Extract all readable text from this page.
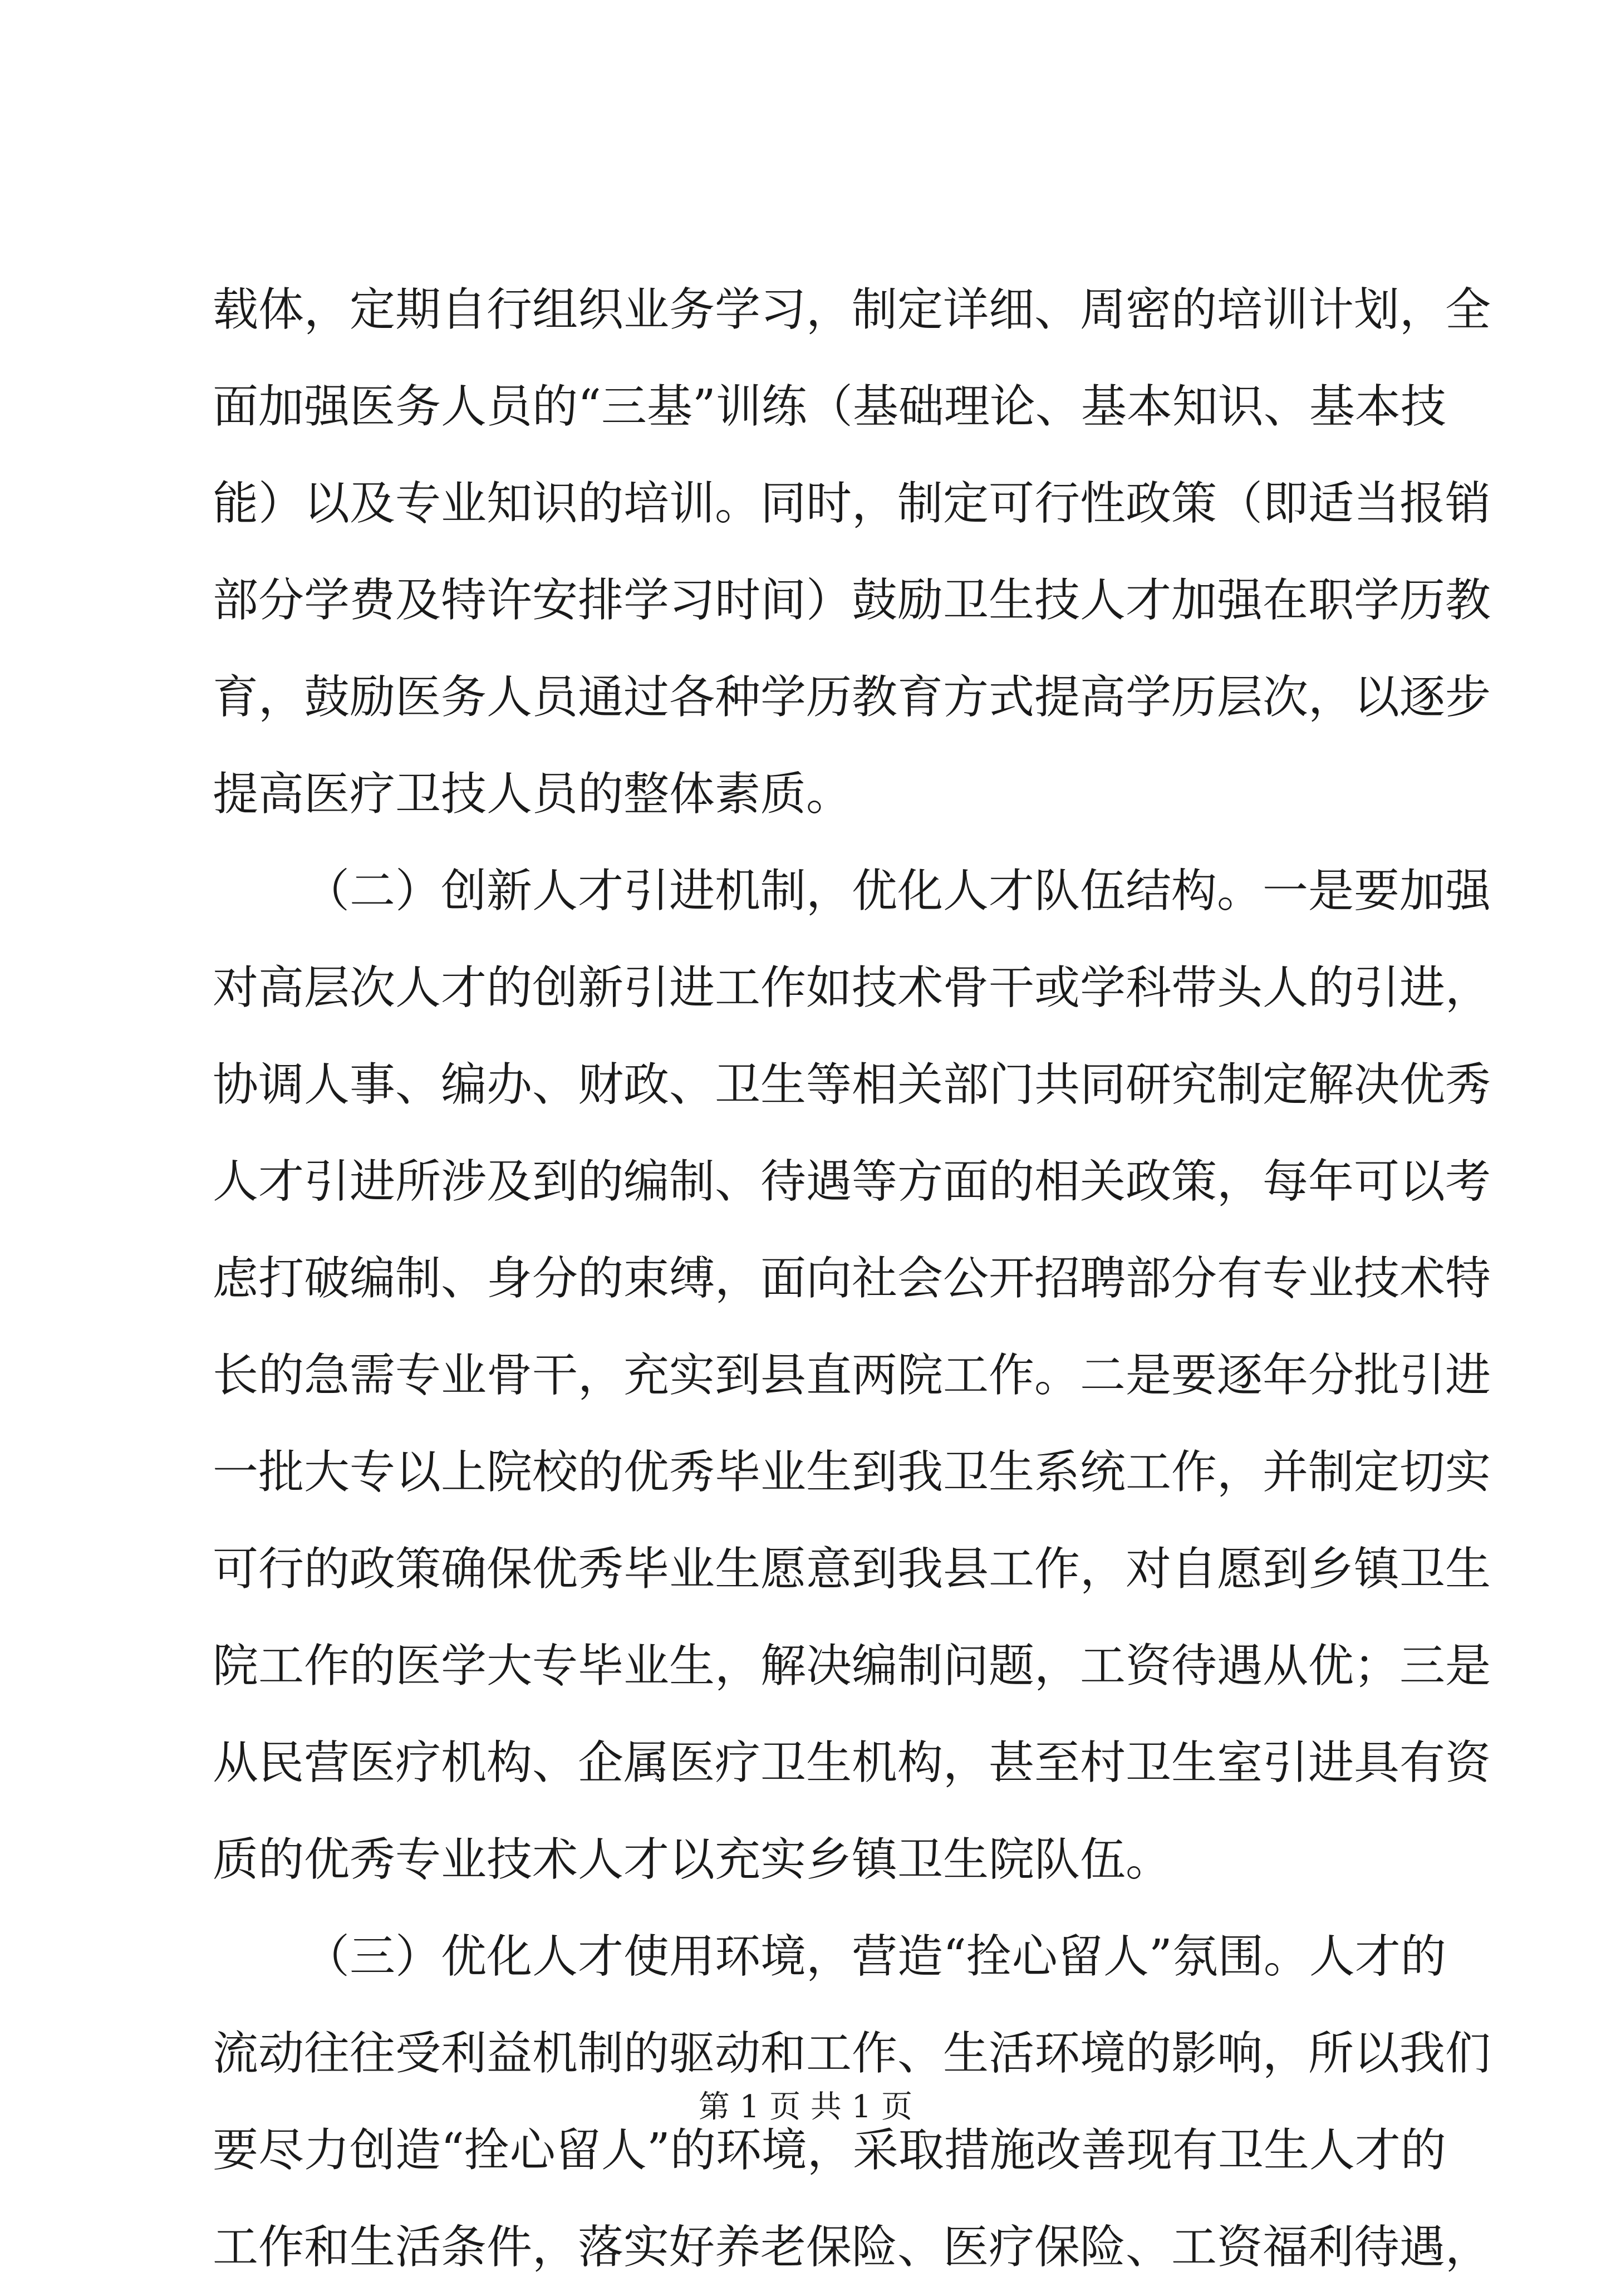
载体，定期自行组织业务学习，制定详细、周密的培训计划，全
面加强医务人员的“三基”训练（基础理论、基本知识、基本技
能）以及专业知识的培训。同时，制定可行性政策（即适当报销
部分学费及特许安排学习时间）鼓励卫生技人才加强在职学历教
育，鼓励医务人员通过各种学历教育方式提高学历层次，以逐步
提高医疗卫技人员的整体素质。
（二）创新人才引进机制，优化人才队伍结构。一是要加强
对高层次人才的创新引进工作如技术骨干或学科带头人的引进，
协调人事、编办、财政、卫生等相关部门共同研究制定解决优秀
人才引进所涉及到的编制、待遇等方面的相关政策，每年可以考
虑打破编制、身分的束缚，面向社会公开招聘部分有专业技术特
长的急需专业骨干，充实到县直两院工作。二是要逐年分批引进
一批大专以上院校的优秀毕业生到我卫生系统工作，并制定切实
可行的政策确保优秀毕业生愿意到我县工作，对自愿到乡镇卫生
院工作的医学大专毕业生，解决编制问题，工资待遇从优；三是
从民营医疗机构、企属医疗卫生机构，甚至村卫生室引进具有资
质的优秀专业技术人才以充实乡镇卫生院队伍。
（三）优化人才使用环境，营造“拴心留人”氛围。人才的
流动往往受利益机制的驱动和工作、生活环境的影响，所以我们
要尽力创造“拴心留人”的环境，采取措施改善现有卫生人才的
工作和生活条件，落实好养老保险、医疗保险、工资福利待遇，
第 1 页 共 1 页
